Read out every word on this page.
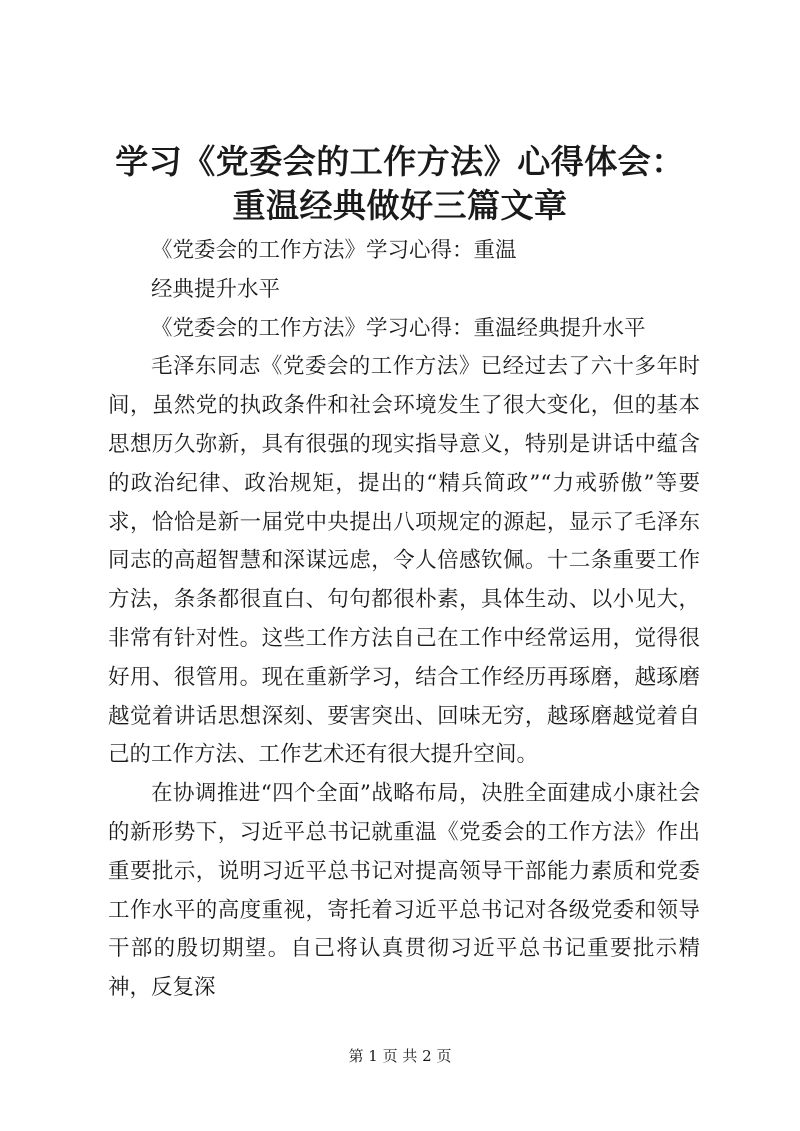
学习《党委会的工作方法》心得体会：重温经典做好三篇文章

《党委会的工作方法》学习心得：重温

经典提升水平

《党委会的工作方法》学习心得：重温经典提升水平

毛泽东同志《党委会的工作方法》已经过去了六十多年时间，虽然党的执政条件和社会环境发生了很大变化，但的基本思想历久弥新，具有很强的现实指导意义，特别是讲话中蕴含的政治纪律、政治规矩，提出的“精兵简政”“力戒骄傲”等要求，恰恰是新一届党中央提出八项规定的源起，显示了毛泽东同志的高超智慧和深谋远虑，令人倍感钦佩。十二条重要工作方法，条条都很直白、句句都很朴素，具体生动、以小见大，非常有针对性。这些工作方法自己在工作中经常运用，觉得很好用、很管用。现在重新学习，结合工作经历再琢磨，越琢磨越觉着讲话思想深刻、要害突出、回味无穷，越琢磨越觉着自己的工作方法、工作艺术还有很大提升空间。

在协调推进“四个全面”战略布局，决胜全面建成小康社会的新形势下，习近平总书记就重温《党委会的工作方法》作出重要批示，说明习近平总书记对提高领导干部能力素质和党委工作水平的高度重视，寄托着习近平总书记对各级党委和领导干部的殷切期望。自己将认真贯彻习近平总书记重要批示精神，反复深

第 1 页 共 2 页
